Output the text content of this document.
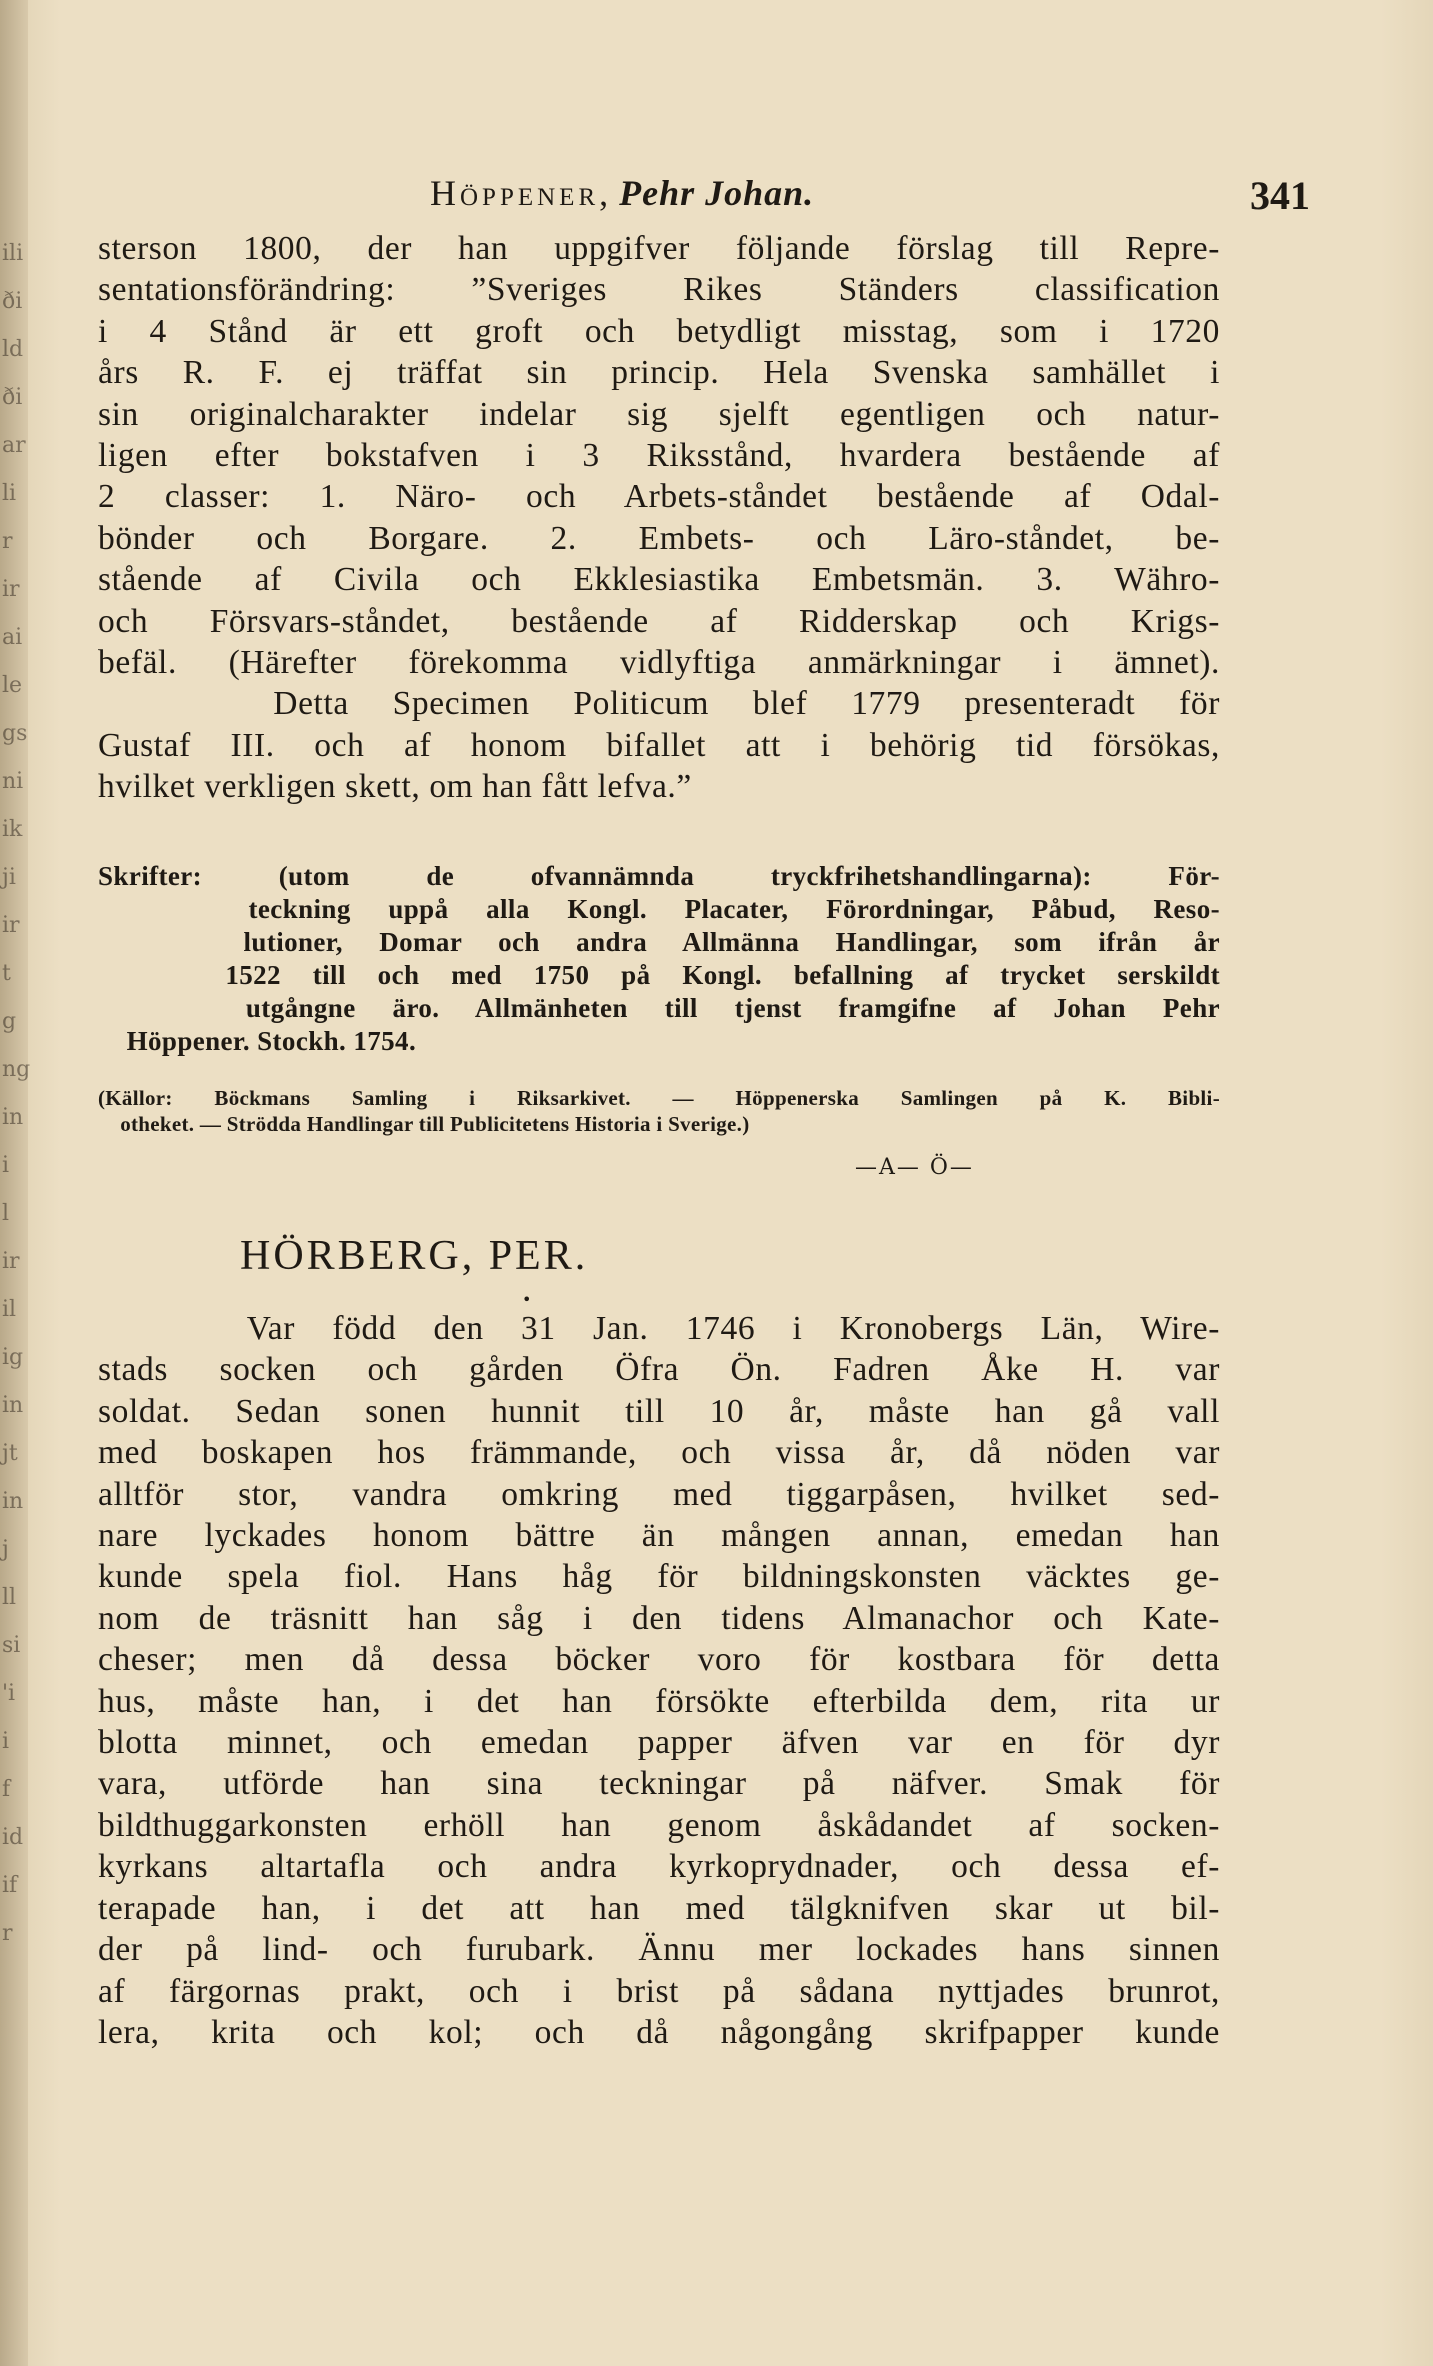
ili
ði
ld
ði
ar
li
r
ir
ai
le
gs
ni
ik
ji
ir
t
g
ng
in
i
l
ir
il
ig
in
jt
in
j
ll
si
'i
i
f
id
if
r
Höppener, Pehr Johan.	341
sterson 1800, der han uppgifver följande förslag till Repre-
sentationsförändring: ”Sveriges Rikes Ständers classification
i 4 Stånd är ett groft och betydligt misstag, som i 1720
års R. F. ej träffat sin princip. Hela Svenska samhället i
sin originalcharakter indelar sig sjelft egentligen och natur-
ligen efter bokstafven i 3 Riksstånd, hvardera bestående af
2 classer: 1. Näro- och Arbets-ståndet bestående af Odal-
bönder och Borgare. 2. Embets- och Läro-ståndet, be-
stående af Civila och Ekklesiastika Embetsmän. 3. Währo-
och Försvars-ståndet, bestående af Ridderskap och Krigs-
befäl. (Härefter förekomma vidlyftiga anmärkningar i ämnet).
Detta Specimen Politicum blef 1779 presenteradt för
Gustaf III. och af honom bifallet att i behörig tid försökas,
hvilket verkligen skett, om han fått lefva.”
Skrifter: (utom de ofvannämnda tryckfrihetshandlingarna): För-
teckning uppå alla Kongl. Placater, Förordningar, Påbud, Reso-
lutioner, Domar och andra Allmänna Handlingar, som ifrån år
1522 till och med 1750 på Kongl. befallning af trycket serskildt
utgångne äro. Allmänheten till tjenst framgifne af Johan Pehr
Höppener. Stockh. 1754.
(Källor: Böckmans Samling i Riksarkivet. — Höppenerska Samlingen på K. Bibli-
otheket. — Strödda Handlingar till Publicitetens Historia i Sverige.)
—A— Ö—
HÖRBERG, PER.
•
Var född den 31 Jan. 1746 i Kronobergs Län, Wire-
stads socken och gården Öfra Ön. Fadren Åke H. var
soldat. Sedan sonen hunnit till 10 år, måste han gå vall
med boskapen hos främmande, och vissa år, då nöden var
alltför stor, vandra omkring med tiggarpåsen, hvilket sed-
nare lyckades honom bättre än mången annan, emedan han
kunde spela fiol. Hans håg för bildningskonsten väcktes ge-
nom de träsnitt han såg i den tidens Almanachor och Kate-
cheser; men då dessa böcker voro för kostbara för detta
hus, måste han, i det han försökte efterbilda dem, rita ur
blotta minnet, och emedan papper äfven var en för dyr
vara, utförde han sina teckningar på näfver. Smak för
bildthuggarkonsten erhöll han genom åskådandet af socken-
kyrkans altartafla och andra kyrkoprydnader, och dessa ef-
terapade han, i det att han med tälgknifven skar ut bil-
der på lind- och furubark. Ännu mer lockades hans sinnen
af färgornas prakt, och i brist på sådana nyttjades brunrot,
lera, krita och kol; och då någongång skrifpapper kunde
